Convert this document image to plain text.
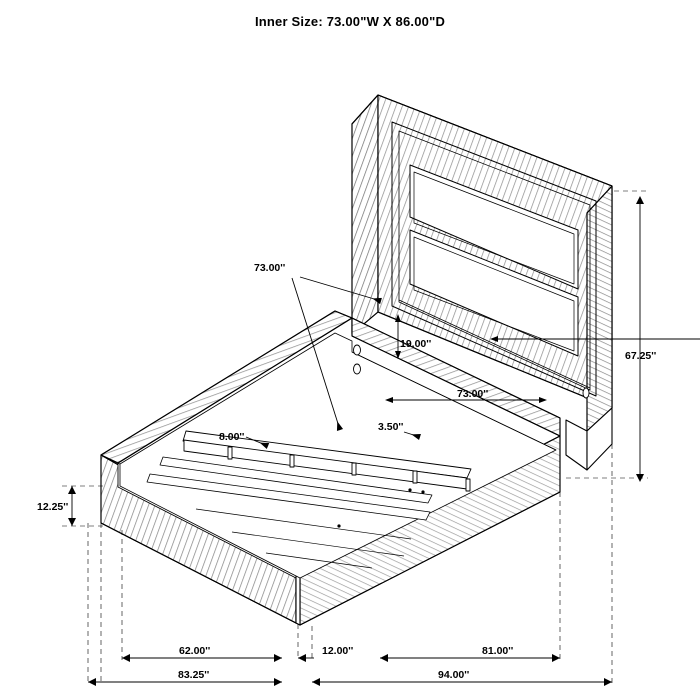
Inner Size: 73.00"W X 86.00"D
73.00''
19.00''
67.25''
73.00''
3.50''
8.00''
12.25''
62.00''	12.00''	81.00''
83.25''	94.00''
